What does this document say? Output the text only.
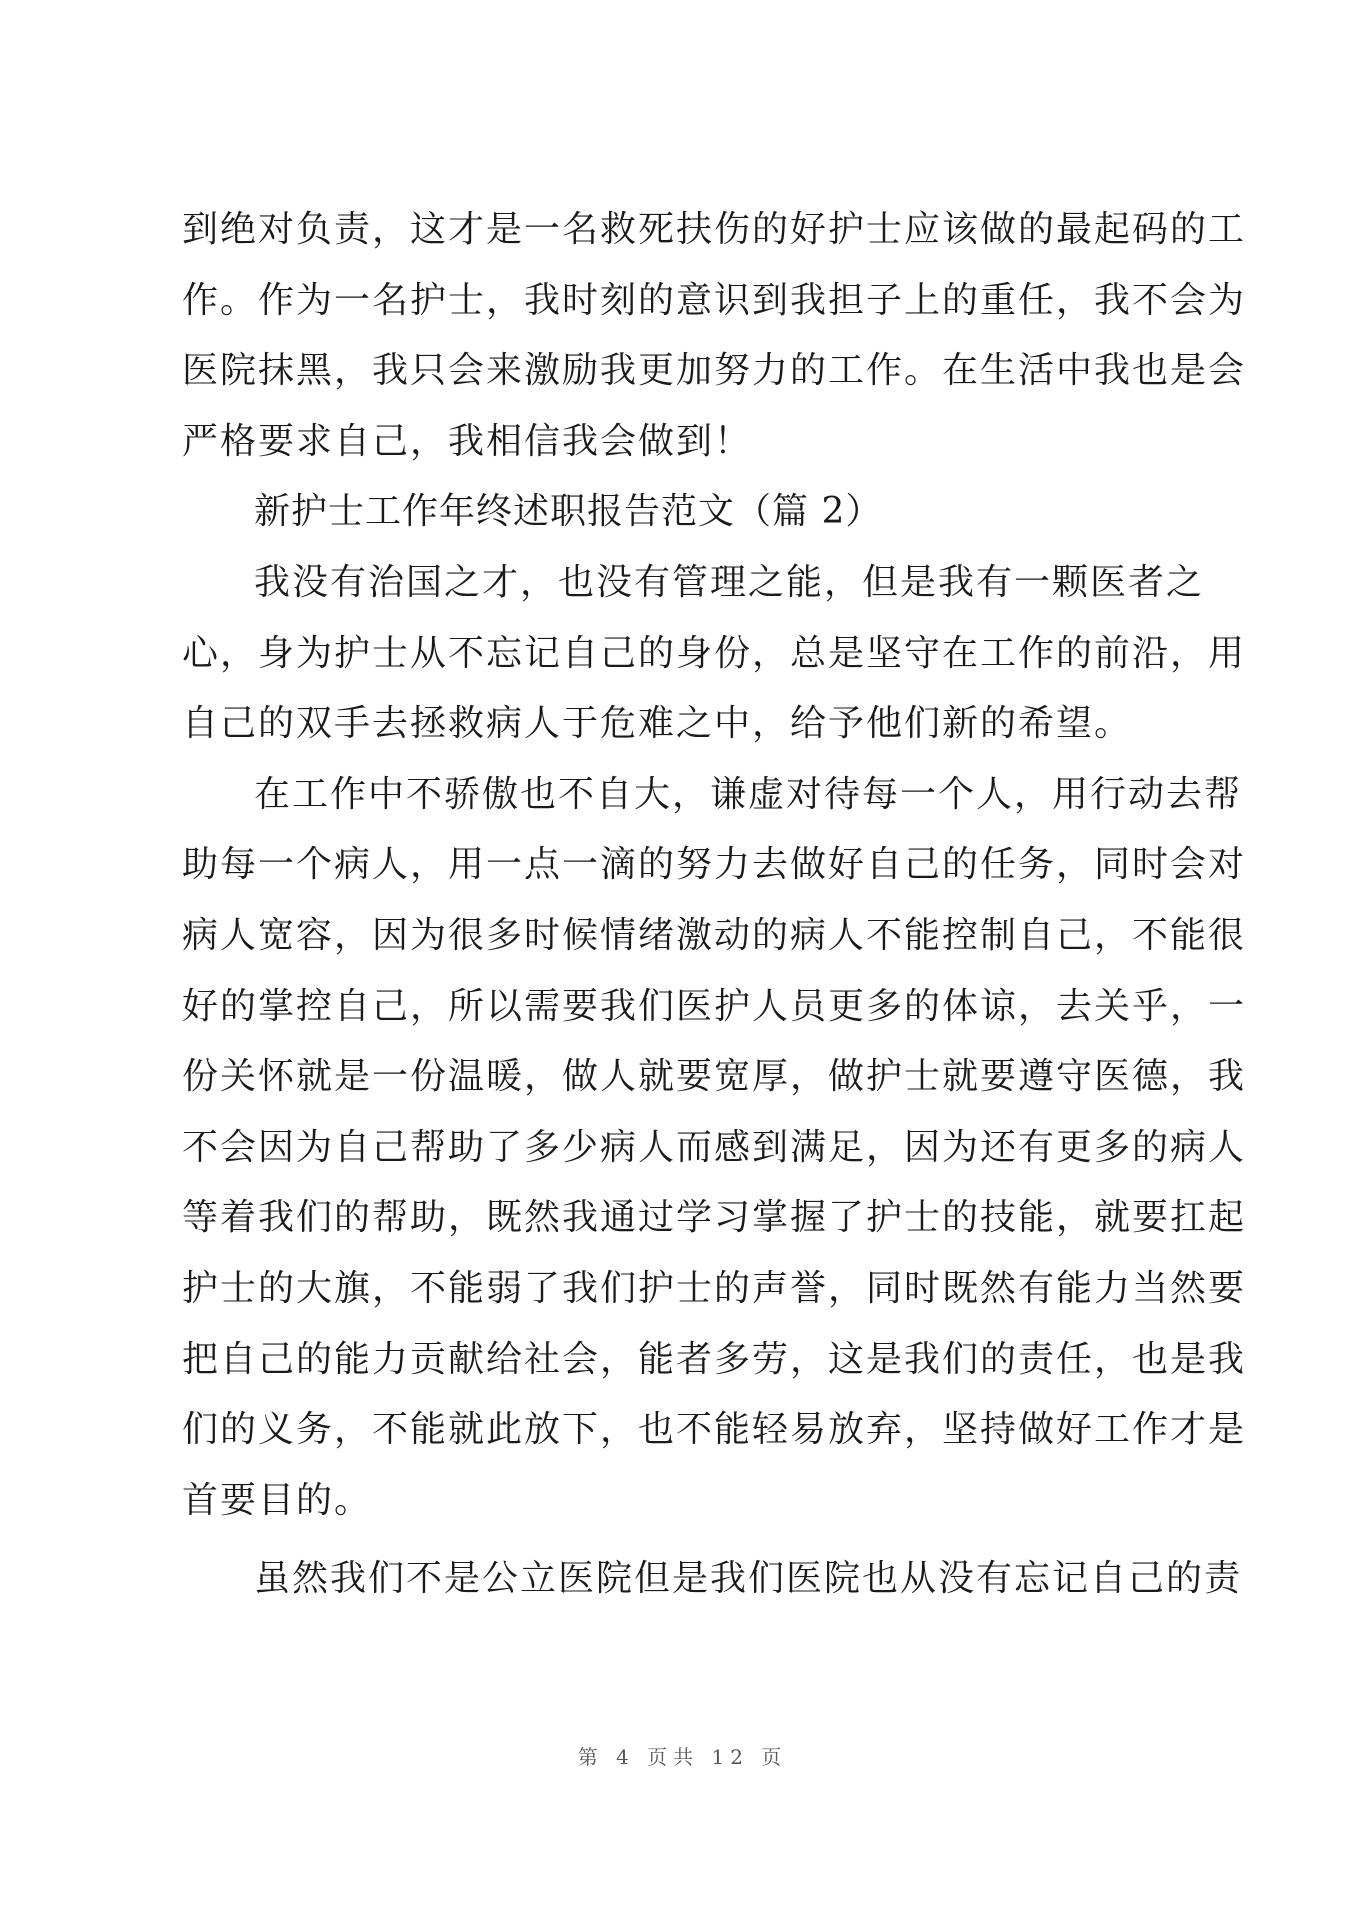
到绝对负责，这才是一名救死扶伤的好护士应该做的最起码的工
作。作为一名护士，我时刻的意识到我担子上的重任，我不会为
医院抹黑，我只会来激励我更加努力的工作。在生活中我也是会
严格要求自己，我相信我会做到！
新护士工作年终述职报告范文（篇 2）
我没有治国之才，也没有管理之能，但是我有一颗医者之
心，身为护士从不忘记自己的身份，总是坚守在工作的前沿，用
自己的双手去拯救病人于危难之中，给予他们新的希望。
在工作中不骄傲也不自大，谦虚对待每一个人，用行动去帮
助每一个病人，用一点一滴的努力去做好自己的任务，同时会对
病人宽容，因为很多时候情绪激动的病人不能控制自己，不能很
好的掌控自己，所以需要我们医护人员更多的体谅，去关乎，一
份关怀就是一份温暖，做人就要宽厚，做护士就要遵守医德，我
不会因为自己帮助了多少病人而感到满足，因为还有更多的病人
等着我们的帮助，既然我通过学习掌握了护士的技能，就要扛起
护士的大旗，不能弱了我们护士的声誉，同时既然有能力当然要
把自己的能力贡献给社会，能者多劳，这是我们的责任，也是我
们的义务，不能就此放下，也不能轻易放弃，坚持做好工作才是
首要目的。
虽然我们不是公立医院但是我们医院也从没有忘记自己的责
第 4 页共 12 页
